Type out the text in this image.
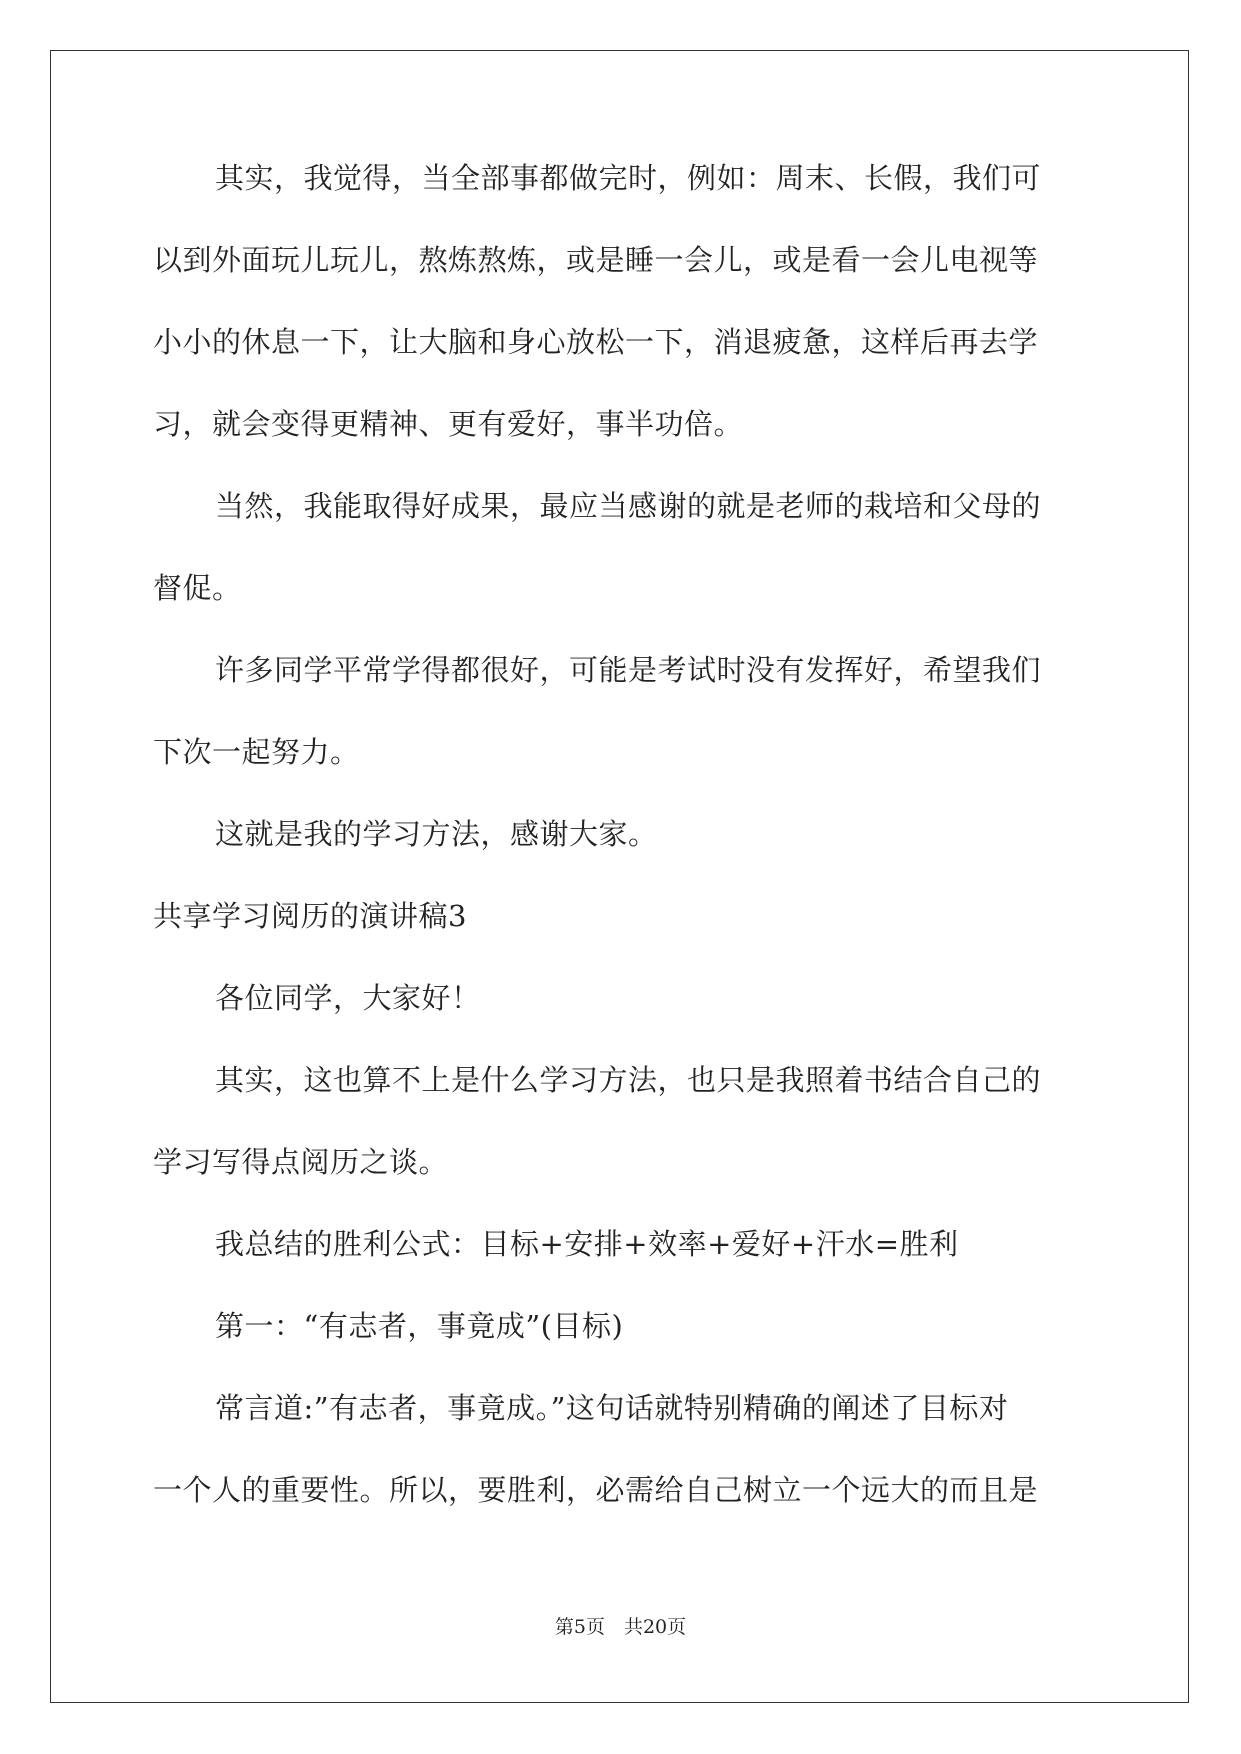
其实，我觉得，当全部事都做完时，例如：周末、长假，我们可
以到外面玩儿玩儿，熬炼熬炼，或是睡一会儿，或是看一会儿电视等
小小的休息一下，让大脑和身心放松一下，消退疲惫，这样后再去学
习，就会变得更精神、更有爱好，事半功倍。
当然，我能取得好成果，最应当感谢的就是老师的栽培和父母的
督促。
许多同学平常学得都很好，可能是考试时没有发挥好，希望我们
下次一起努力。
这就是我的学习方法，感谢大家。
共享学习阅历的演讲稿3
各位同学，大家好！
其实，这也算不上是什么学习方法，也只是我照着书结合自己的
学习写得点阅历之谈。
我总结的胜利公式：目标+安排+效率+爱好+汗水=胜利
第一：“有志者，事竟成”(目标)
常言道:”有志者，事竟成。”这句话就特别精确的阐述了目标对
一个人的重要性。所以，要胜利，必需给自己树立一个远大的而且是
第5页　共20页
